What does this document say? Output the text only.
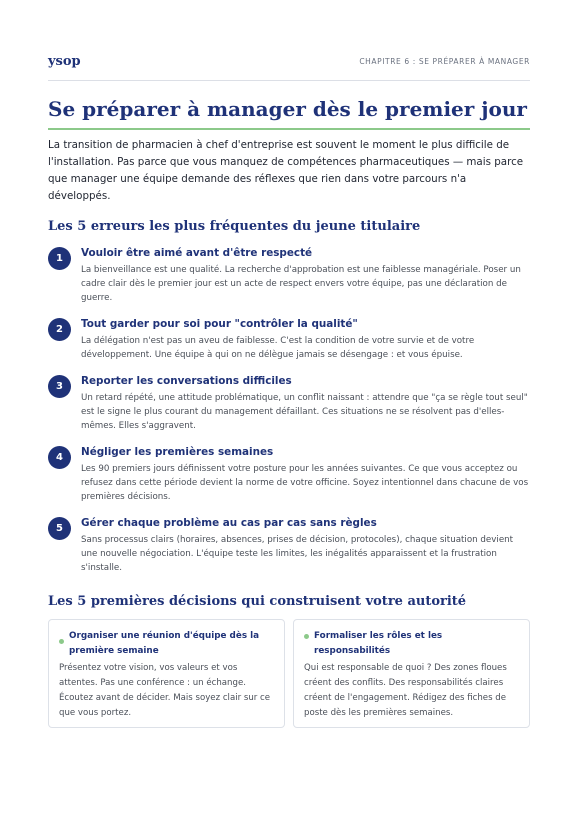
ysop	CHAPITRE 6 : SE PRÉPARER À MANAGER
Se préparer à manager dès le premier jour
La transition de pharmacien à chef d'entreprise est souvent le moment le plus difficile de l'installation. Pas parce que vous manquez de compétences pharmaceutiques — mais parce que manager une équipe demande des réflexes que rien dans votre parcours n'a développés.
Les 5 erreurs les plus fréquentes du jeune titulaire
1	Vouloir être aimé avant d'être respecté
La bienveillance est une qualité. La recherche d'approbation est une faiblesse managériale. Poser un cadre clair dès le premier jour est un acte de respect envers votre équipe, pas une déclaration de guerre.
2	Tout garder pour soi pour "contrôler la qualité"
La délégation n'est pas un aveu de faiblesse. C'est la condition de votre survie et de votre développement. Une équipe à qui on ne délègue jamais se désengage : et vous épuise.
3	Reporter les conversations difficiles
Un retard répété, une attitude problématique, un conflit naissant : attendre que "ça se règle tout seul" est le signe le plus courant du management défaillant. Ces situations ne se résolvent pas d'elles-mêmes. Elles s'aggravent.
4	Négliger les premières semaines
Les 90 premiers jours définissent votre posture pour les années suivantes. Ce que vous acceptez ou refusez dans cette période devient la norme de votre officine. Soyez intentionnel dans chacune de vos premières décisions.
5	Gérer chaque problème au cas par cas sans règles
Sans processus clairs (horaires, absences, prises de décision, protocoles), chaque situation devient une nouvelle négociation. L'équipe teste les limites, les inégalités apparaissent et la frustration s'installe.
Les 5 premières décisions qui construisent votre autorité
Organiser une réunion d'équipe dès la première semaine
Présentez votre vision, vos valeurs et vos attentes. Pas une conférence : un échange. Écoutez avant de décider. Mais soyez clair sur ce que vous portez.
Formaliser les rôles et les responsabilités
Qui est responsable de quoi ? Des zones floues créent des conflits. Des responsabilités claires créent de l'engagement. Rédigez des fiches de poste dès les premières semaines.
